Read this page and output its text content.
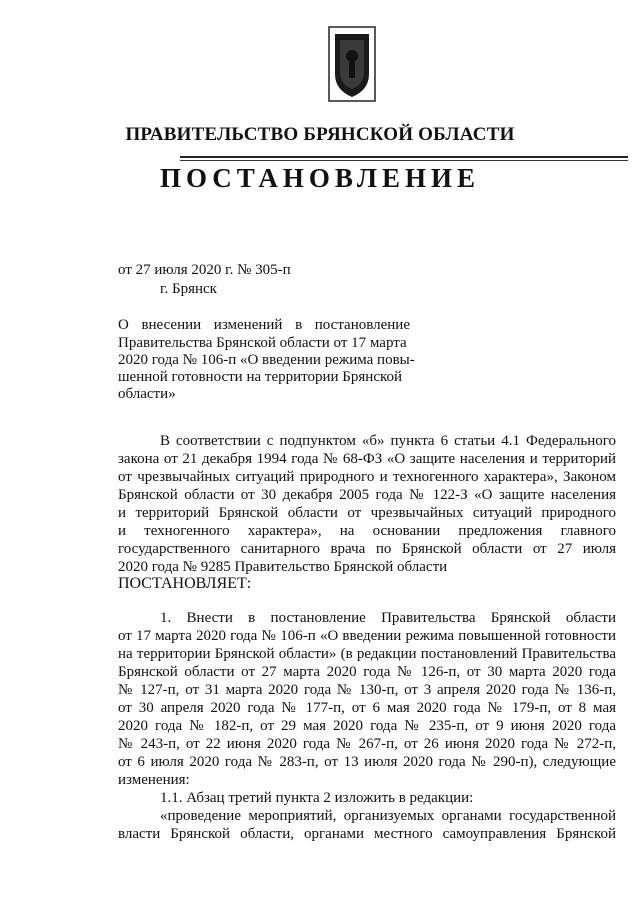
ПРАВИТЕЛЬСТВО БРЯНСКОЙ ОБЛАСТИ
ПОСТАНОВЛЕНИЕ
от 27 июля 2020 г. № 305-п
г. Брянск
О внесении изменений в постановление
Правительства Брянской области от 17 марта
2020 года № 106-п «О введении режима повы-
шенной готовности на территории Брянской
области»
В соответствии с подпунктом «б» пункта 6 статьи 4.1 Федерального
закона от 21 декабря 1994 года № 68-ФЗ «О защите населения и территорий
от чрезвычайных ситуаций природного и техногенного характера», Законом
Брянской области от 30 декабря 2005 года № 122-З «О защите населения
и территорий Брянской области от чрезвычайных ситуаций природного
и техногенного характера», на основании предложения главного
государственного санитарного врача по Брянской области от 27 июля
2020 года № 9285 Правительство Брянской области
ПОСТАНОВЛЯЕТ:
1. Внести в постановление Правительства Брянской области
от 17 марта 2020 года № 106-п «О введении режима повышенной готовности
на территории Брянской области» (в редакции постановлений Правительства
Брянской области от 27 марта 2020 года № 126-п, от 30 марта 2020 года
№ 127-п, от 31 марта 2020 года № 130-п, от 3 апреля 2020 года № 136-п,
от 30 апреля 2020 года № 177-п, от 6 мая 2020 года № 179-п, от 8 мая
2020 года № 182-п, от 29 мая 2020 года № 235-п, от 9 июня 2020 года
№ 243-п, от 22 июня 2020 года № 267-п, от 26 июня 2020 года № 272-п,
от 6 июля 2020 года № 283-п, от 13 июля 2020 года № 290-п), следующие
изменения:
1.1. Абзац третий пункта 2 изложить в редакции:
«проведение мероприятий, организуемых органами государственной
власти Брянской области, органами местного самоуправления Брянской
